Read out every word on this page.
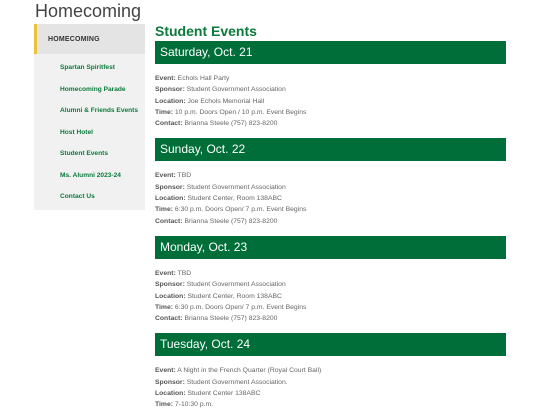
Homecoming
HOMECOMING
Spartan Spiritfest
Homecoming Parade
Alumni & Friends Events
Host Hotel
Student Events
Ms. Alumni 2023-24
Contact Us
Student Events
Saturday, Oct. 21
Event: Echols Hall Party
Sponsor: Student Government Association
Location: Joe Echols Memorial Hall
Time: 10 p.m. Doors Open / 10 p.m. Event Begins
Contact: Brianna Steele (757) 823-8200
Sunday, Oct. 22
Event: TBD
Sponsor: Student Government Association
Location: Student Center, Room 138ABC
Time: 6:30 p.m. Doors Open/ 7 p.m. Event Begins
Contact: Brianna Steele (757) 823-8200
Monday, Oct. 23
Event: TBD
Sponsor: Student Government Association
Location: Student Center, Room 138ABC
Time: 6:30 p.m. Doors Open/ 7 p.m. Event Begins
Contact: Brianna Steele (757) 823-8200
Tuesday, Oct. 24
Event: A Night in the French Quarter (Royal Court Ball)
Sponsor: Student Government Association.
Location: Student Center 138ABC
Time: 7-10:30 p.m.
